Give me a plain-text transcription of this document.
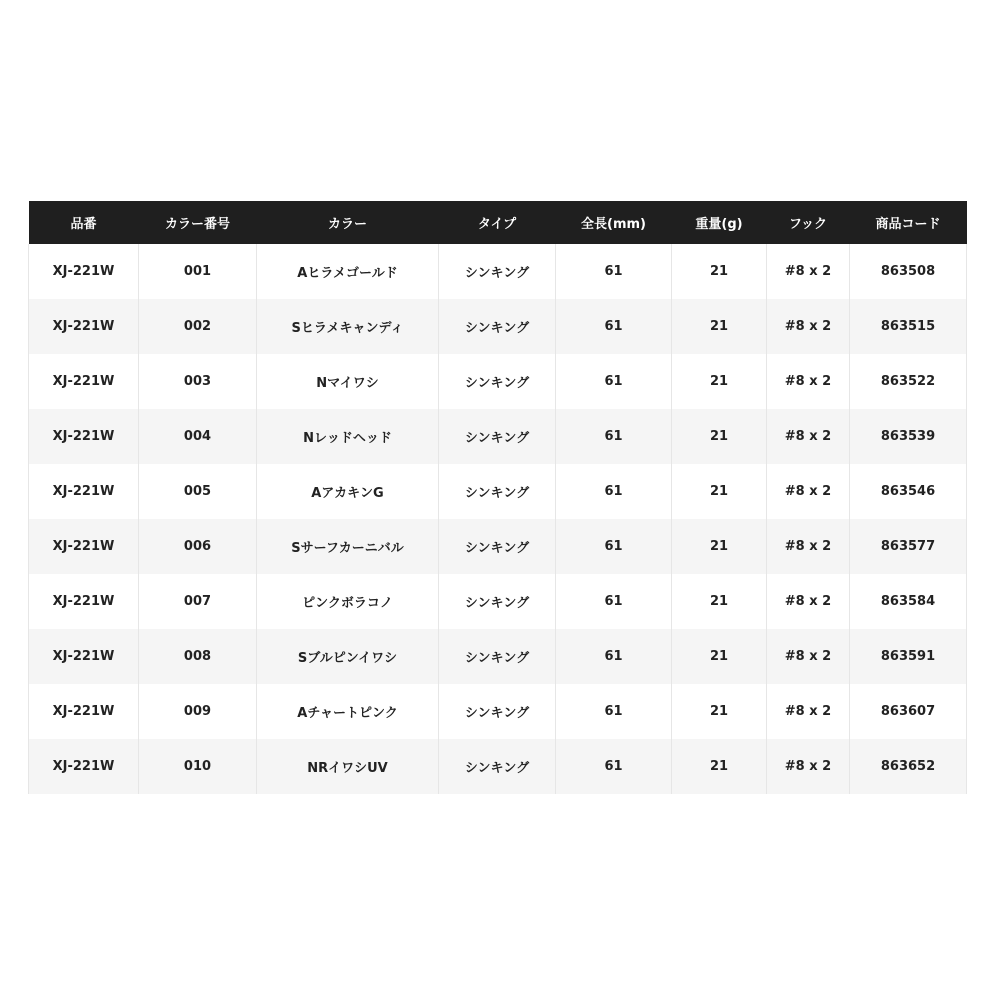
品番	カラー番号	カラー	タイプ	全長(mm)	重量(g)	フック	商品コード
XJ-221W	001	Aヒラメゴールド	シンキング	61	21	#8 x 2	863508
XJ-221W	002	Sヒラメキャンディ	シンキング	61	21	#8 x 2	863515
XJ-221W	003	Nマイワシ	シンキング	61	21	#8 x 2	863522
XJ-221W	004	Nレッドヘッド	シンキング	61	21	#8 x 2	863539
XJ-221W	005	AアカキンG	シンキング	61	21	#8 x 2	863546
XJ-221W	006	Sサーフカーニバル	シンキング	61	21	#8 x 2	863577
XJ-221W	007	ピンクボラコノ	シンキング	61	21	#8 x 2	863584
XJ-221W	008	Sブルピンイワシ	シンキング	61	21	#8 x 2	863591
XJ-221W	009	Aチャートピンク	シンキング	61	21	#8 x 2	863607
XJ-221W	010	NRイワシUV	シンキング	61	21	#8 x 2	863652
